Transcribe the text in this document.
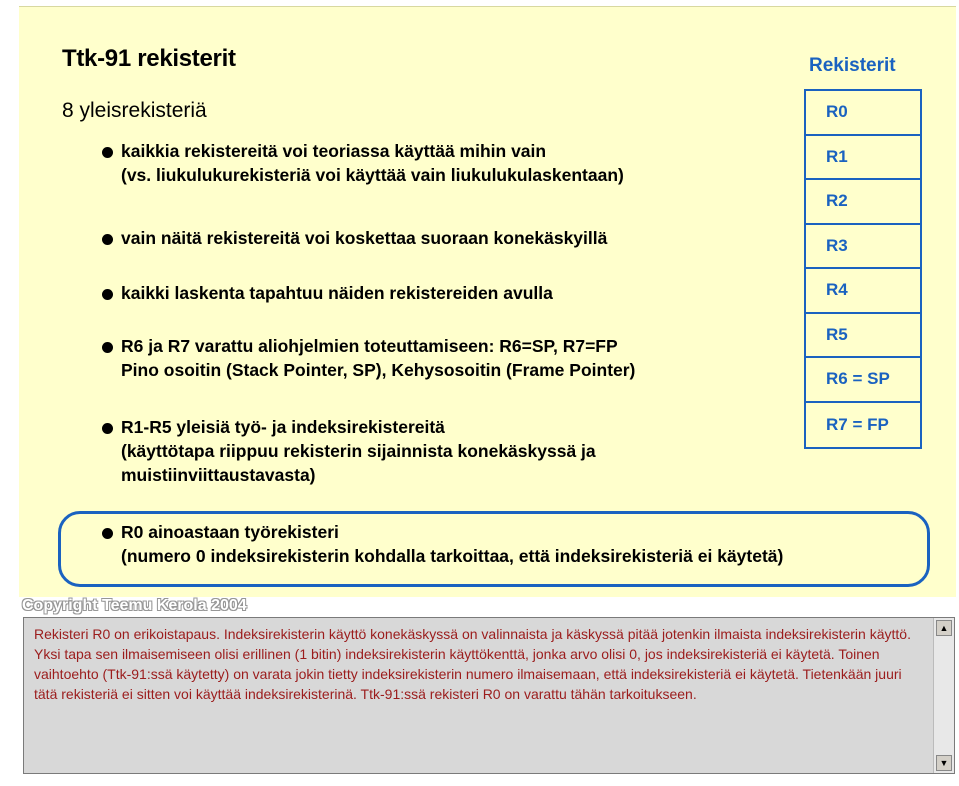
Ttk-91 rekisterit
8 yleisrekisteriä
kaikkia rekistereitä voi teoriassa käyttää mihin vain
(vs. liukulukurekisteriä voi käyttää vain liukulukulaskentaan)
vain näitä rekistereitä voi koskettaa suoraan konekäskyillä
kaikki laskenta tapahtuu näiden rekistereiden avulla
R6 ja R7 varattu aliohjelmien toteuttamiseen: R6=SP, R7=FP
Pino osoitin (Stack Pointer, SP), Kehysosoitin (Frame Pointer)
R1-R5 yleisiä työ- ja indeksirekistereitä
(käyttötapa riippuu rekisterin sijainnista konekäskyssä ja
muistiinviittaustavasta)
R0 ainoastaan työrekisteri
(numero 0 indeksirekisterin kohdalla tarkoittaa, että indeksirekisteriä ei käytetä)
Rekisterit
R0
R1
R2
R3
R4
R5
R6 = SP
R7 = FP
Copyright Teemu Kerola 2004
Rekisteri R0 on erikoistapaus. Indeksirekisterin käyttö konekäskyssä on valinnaista ja käskyssä pitää jotenkin ilmaista indeksirekisterin käyttö. Yksi tapa sen ilmaisemiseen olisi erillinen (1 bitin) indeksirekisterin käyttökenttä, jonka arvo olisi 0, jos indeksirekisteriä ei käytetä. Toinen vaihtoehto (Ttk-91:ssä käytetty) on varata jokin tietty indeksirekisterin numero ilmaisemaan, että indeksirekisteriä ei käytetä. Tietenkään juuri tätä rekisteriä ei sitten voi käyttää indeksirekisterinä. Ttk-91:ssä rekisteri R0 on varattu tähän tarkoitukseen.
▲
▼
